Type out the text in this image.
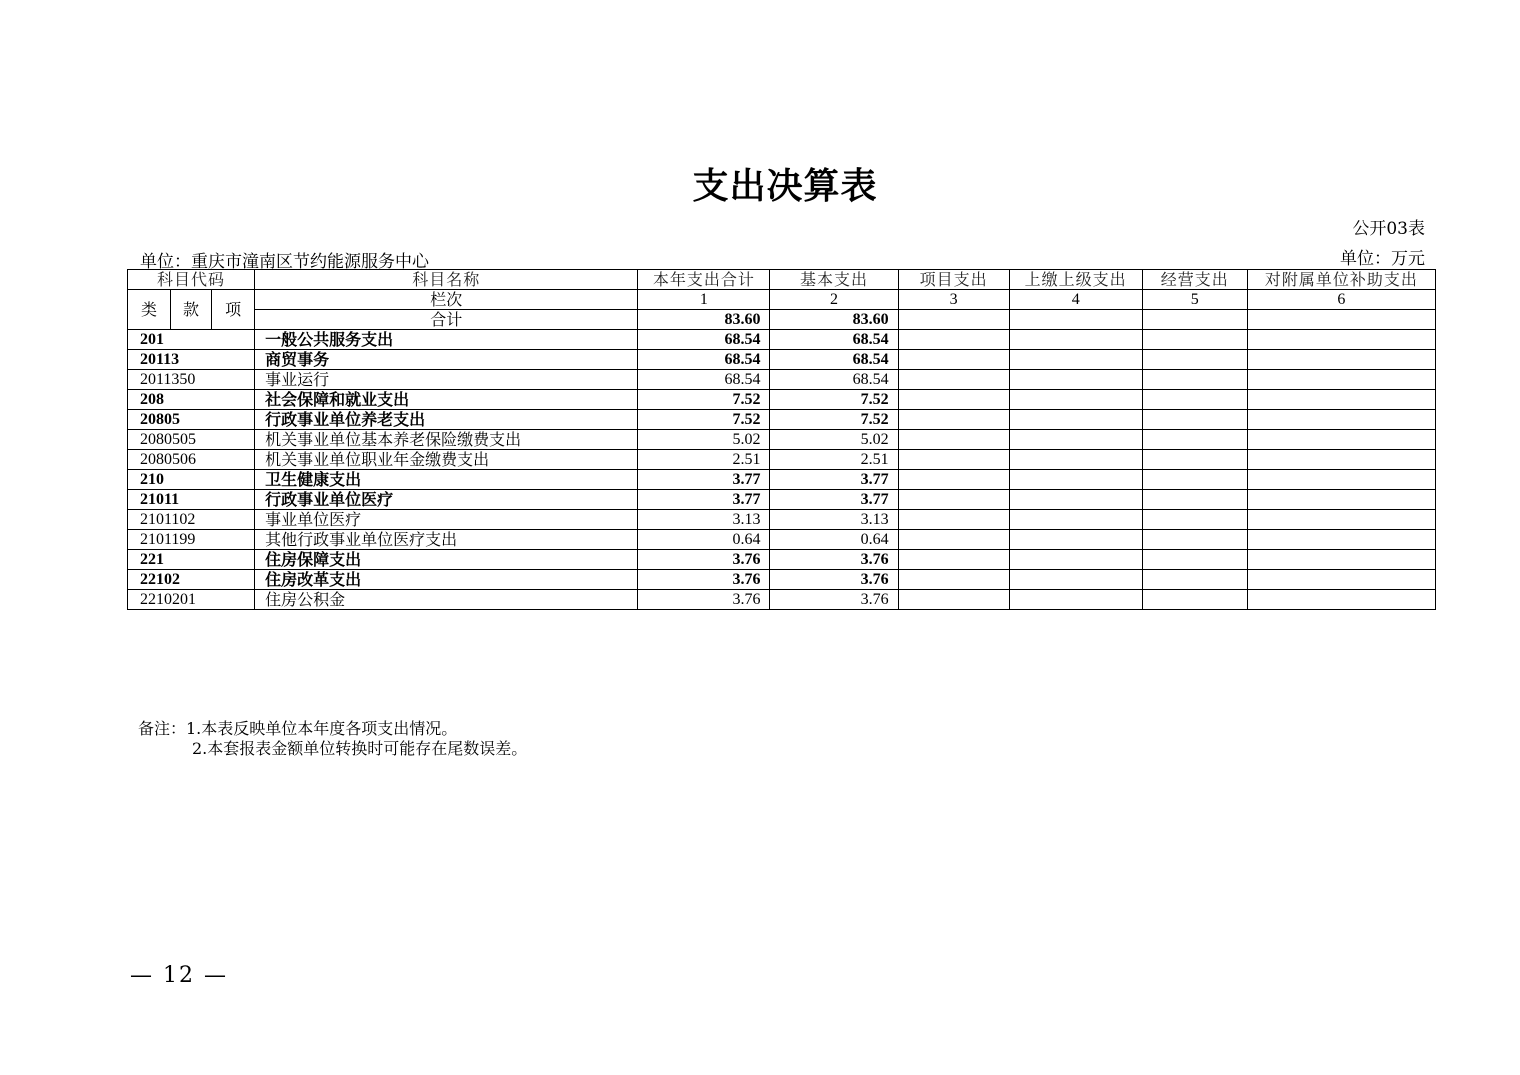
支出决算表
公开03表
单位：重庆市潼南区节约能源服务中心	单位：万元
科目代码			科目名称	本年支出合计	基本支出	项目支出	上缴上级支出	经营支出	对附属单位补助支出
类	款	项	栏次	1	2	3	4	5	6
			合计	83.60	83.60				
201			一般公共服务支出	68.54	68.54				
20113			商贸事务	68.54	68.54				
2011350			事业运行	68.54	68.54				
208			社会保障和就业支出	7.52	7.52				
20805			行政事业单位养老支出	7.52	7.52				
2080505			机关事业单位基本养老保险缴费支出	5.02	5.02				
2080506			机关事业单位职业年金缴费支出	2.51	2.51				
210			卫生健康支出	3.77	3.77				
21011			行政事业单位医疗	3.77	3.77				
2101102			事业单位医疗	3.13	3.13				
2101199			其他行政事业单位医疗支出	0.64	0.64				
221			住房保障支出	3.76	3.76				
22102			住房改革支出	3.76	3.76				
2210201			住房公积金	3.76	3.76				
备注：1.本表反映单位本年度各项支出情况。
2.本套报表金额单位转换时可能存在尾数误差。
— 12 —
